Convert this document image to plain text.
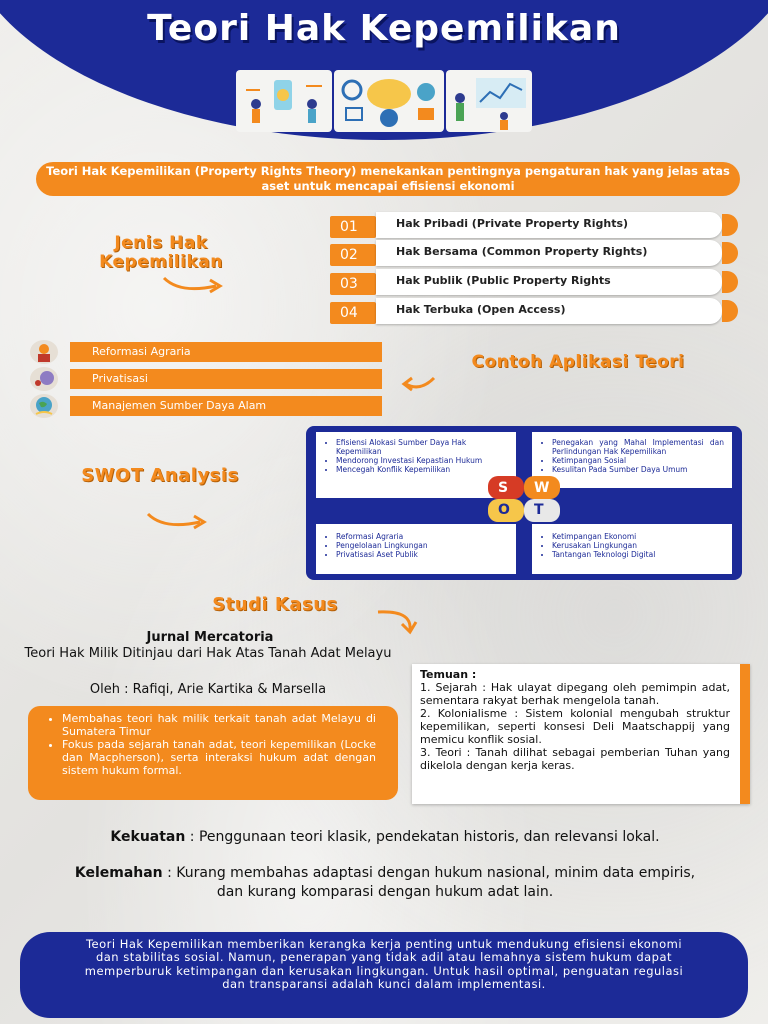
Teori Hak Kepemilikan
Teori Hak Kepemilikan (Property Rights Theory) menekankan pentingnya pengaturan hak yang jelas atas aset untuk mencapai efisiensi ekonomi
Jenis Hak Kepemilikan
01	Hak Pribadi (Private Property Rights)
02	Hak Bersama (Common Property Rights)
03	Hak Publik (Public Property Rights
04	Hak Terbuka (Open Access)
Reformasi Agraria
Privatisasi
Manajemen Sumber Daya Alam
Contoh Aplikasi Teori
SWOT Analysis
• Efisiensi Alokasi Sumber Daya Hak Kepemilikan
• Mendorong Investasi Kepastian Hukum
• Mencegah Konflik Kepemilikan
• Penegakan yang Mahal Implementasi dan Perlindungan Hak Kepemilikan
• Ketimpangan Sosial
• Kesulitan Pada Sumber Daya Umum
• Reformasi Agraria
• Pengelolaan Lingkungan
• Privatisasi Aset Publik
• Ketimpangan Ekonomi
• Kerusakan Lingkungan
• Tantangan Teknologi Digital
S	W
O T
Studi Kasus
Jurnal Mercatoria
Teori Hak Milik Ditinjau dari Hak Atas Tanah Adat Melayu
Oleh : Rafiqi, Arie Kartika & Marsella
• Membahas teori hak milik terkait tanah adat Melayu di Sumatera Timur
• Fokus pada sejarah tanah adat, teori kepemilikan (Locke dan Macpherson), serta interaksi hukum adat dengan sistem hukum formal.
Temuan :
1. Sejarah : Hak ulayat dipegang oleh pemimpin adat, sementara rakyat berhak mengelola tanah.
2. Kolonialisme : Sistem kolonial mengubah struktur kepemilikan, seperti konsesi Deli Maatschappij yang memicu konflik sosial.
3. Teori : Tanah dilihat sebagai pemberian Tuhan yang dikelola dengan kerja keras.
Kekuatan : Penggunaan teori klasik, pendekatan historis, dan relevansi lokal.
Kelemahan : Kurang membahas adaptasi dengan hukum nasional, minim data empiris, dan kurang komparasi dengan hukum adat lain.
Teori Hak Kepemilikan memberikan kerangka kerja penting untuk mendukung efisiensi ekonomi dan stabilitas sosial. Namun, penerapan yang tidak adil atau lemahnya sistem hukum dapat memperburuk ketimpangan dan kerusakan lingkungan. Untuk hasil optimal, penguatan regulasi dan transparansi adalah kunci dalam implementasi.
